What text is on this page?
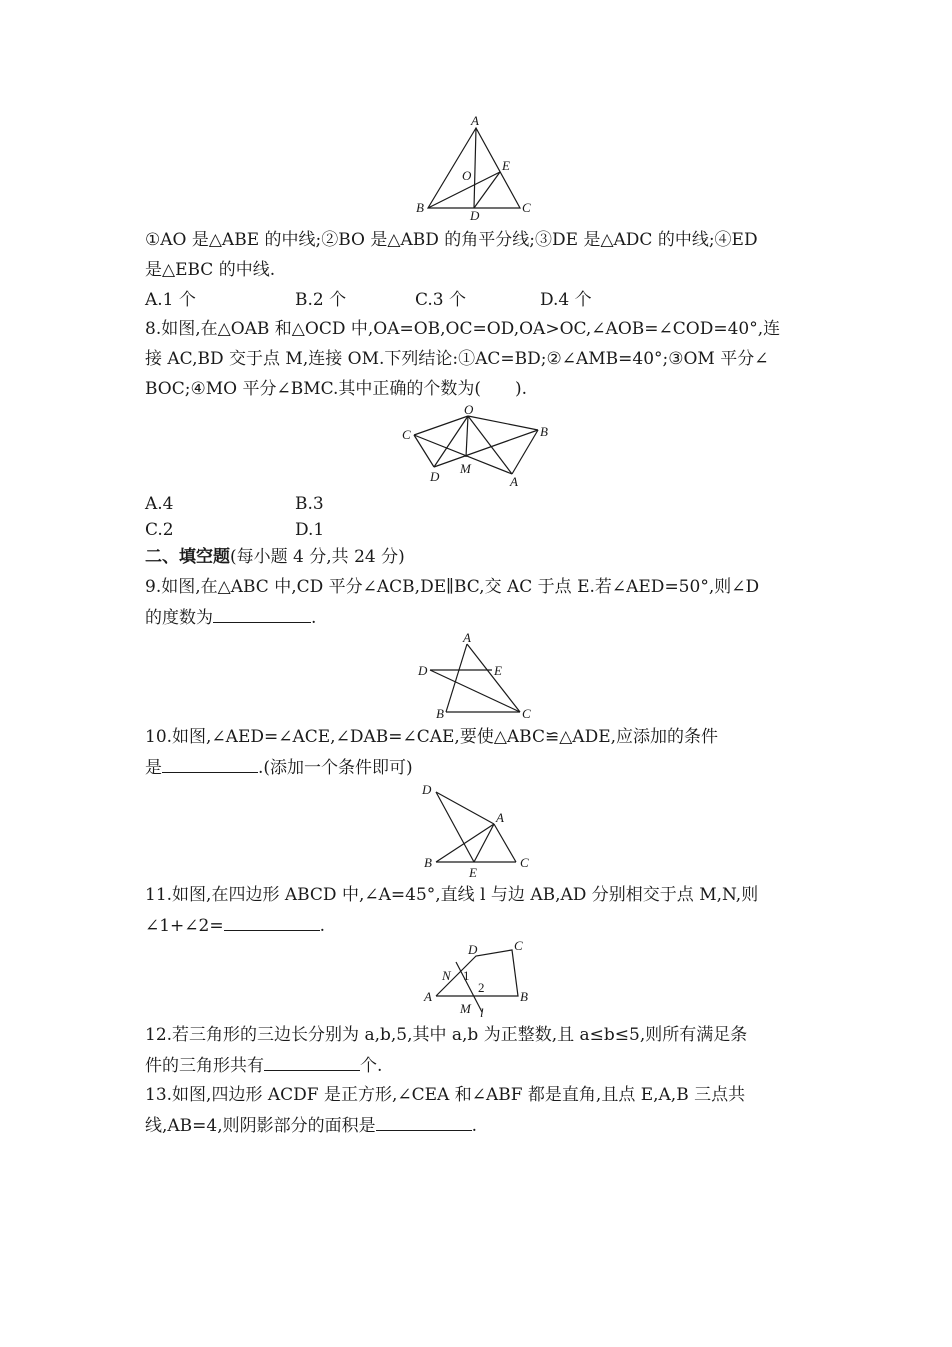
A
E
O
B
D
C
①AO 是△ABE 的中线;②BO 是△ABD 的角平分线;③DE 是△ADC 的中线;④ED
是△EBC 的中线.
A.1 个	B.2 个	C.3 个	D.4 个
8.如图,在△OAB 和△OCD 中,OA=OB,OC=OD,OA>OC,∠AOB=∠COD=40°,连
接 AC,BD 交于点 M,连接 OM.下列结论:①AC=BD;②∠AMB=40°;③OM 平分∠
BOC;④MO 平分∠BMC.其中正确的个数为(　　).
O
C	B
D
M
A
A.4	B.3
C.2	D.1
二、填空题(每小题 4 分,共 24 分)
9.如图,在△ABC 中,CD 平分∠ACB,DE∥BC,交 AC 于点 E.若∠AED=50°,则∠D
的度数为	.
A
D	E
B	C
10.如图,∠AED=∠ACE,∠DAB=∠CAE,要使△ABC≌△ADE,应添加的条件
是	.(添加一个条件即可)
D
A
B
E
C
11.如图,在四边形 ABCD 中,∠A=45°,直线 l 与边 AB,AD 分别相交于点 M,N,则
∠1+∠2=	.
D	C
N 1
2
A
M l
B
12.若三角形的三边长分别为 a,b,5,其中 a,b 为正整数,且 a≤b≤5,则所有满足条
件的三角形共有	个.
13.如图,四边形 ACDF 是正方形,∠CEA 和∠ABF 都是直角,且点 E,A,B 三点共
线,AB=4,则阴影部分的面积是	.
